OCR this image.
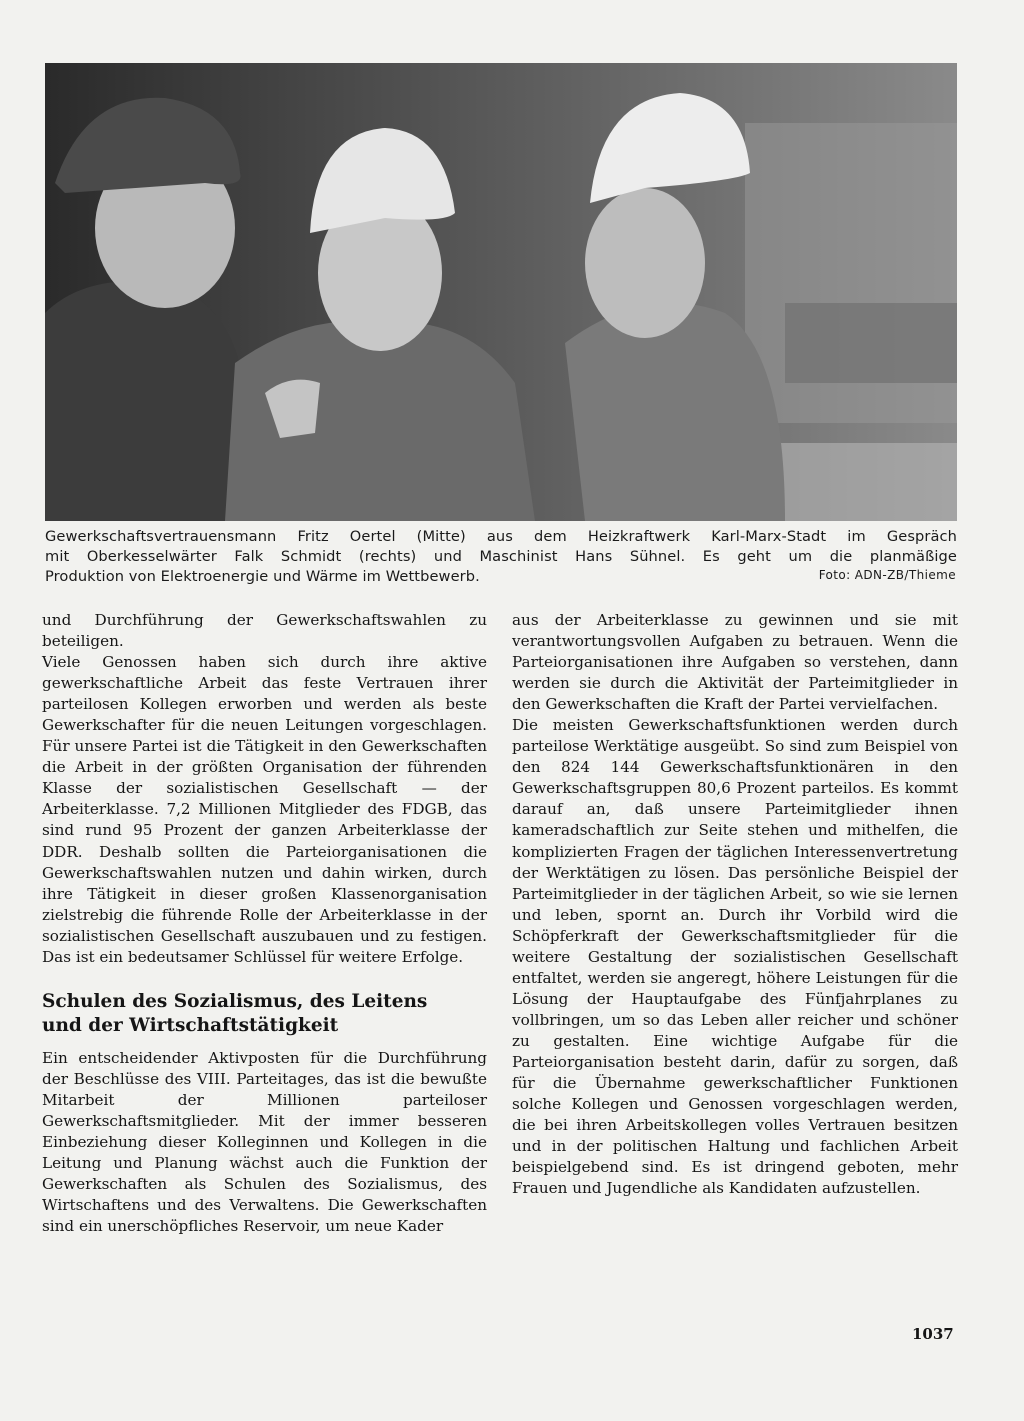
Gewerkschaftsvertrauensmann Fritz Oertel (Mitte) aus dem Heizkraftwerk Karl-Marx-Stadt im Gespräch
mit Oberkesselwärter Falk Schmidt (rechts) und Maschinist Hans Sühnel. Es geht um die planmäßige
Produktion von Elektroenergie und Wärme im Wettbewerb.	Foto: ADN-ZB/Thieme

und Durchführung der Gewerkschaftswahlen zu beteiligen.

Viele Genossen haben sich durch ihre aktive gewerkschaftliche Arbeit das feste Vertrauen ihrer parteilosen Kollegen erworben und werden als beste Gewerkschafter für die neuen Leitungen vorgeschlagen. Für unsere Partei ist die Tätigkeit in den Gewerkschaften die Arbeit in der größten Organisation der führenden Klasse der sozialistischen Gesellschaft — der Arbeiterklasse. 7,2 Millionen Mitglieder des FDGB, das sind rund 95 Prozent der ganzen Arbeiterklasse der DDR. Deshalb sollten die Parteiorganisationen die Gewerkschaftswahlen nutzen und dahin wirken, durch ihre Tätigkeit in dieser großen Klassenorganisation zielstrebig die führende Rolle der Arbeiterklasse in der sozialistischen Gesellschaft auszubauen und zu festigen. Das ist ein bedeutsamer Schlüssel für weitere Erfolge.

Schulen des Sozialismus, des Leitens
und der Wirtschaftstätigkeit

Ein entscheidender Aktivposten für die Durchführung der Beschlüsse des VIII. Parteitages, das ist die bewußte Mitarbeit der Millionen parteiloser Gewerkschaftsmitglieder. Mit der immer besseren Einbeziehung dieser Kolleginnen und Kollegen in die Leitung und Planung wächst auch die Funktion der Gewerkschaften als Schulen des Sozialismus, des Wirtschaftens und des Verwaltens. Die Gewerkschaften sind ein unerschöpfliches Reservoir, um neue Kader

aus der Arbeiterklasse zu gewinnen und sie mit verantwortungsvollen Aufgaben zu betrauen. Wenn die Parteiorganisationen ihre Aufgaben so verstehen, dann werden sie durch die Aktivität der Parteimitglieder in den Gewerkschaften die Kraft der Partei vervielfachen.

Die meisten Gewerkschaftsfunktionen werden durch parteilose Werktätige ausgeübt. So sind zum Beispiel von den 824 144 Gewerkschaftsfunktionären in den Gewerkschaftsgruppen 80,6 Prozent parteilos. Es kommt darauf an, daß unsere Parteimitglieder ihnen kameradschaftlich zur Seite stehen und mithelfen, die komplizierten Fragen der täglichen Interessenvertretung der Werktätigen zu lösen. Das persönliche Beispiel der Parteimitglieder in der täglichen Arbeit, so wie sie lernen und leben, spornt an. Durch ihr Vorbild wird die Schöpferkraft der Gewerkschaftsmitglieder für die weitere Gestaltung der sozialistischen Gesellschaft entfaltet, werden sie angeregt, höhere Leistungen für die Lösung der Hauptaufgabe des Fünfjahrplanes zu vollbringen, um so das Leben aller reicher und schöner zu gestalten. Eine wichtige Aufgabe für die Parteiorganisation besteht darin, dafür zu sorgen, daß für die Übernahme gewerkschaftlicher Funktionen solche Kollegen und Genossen vorgeschlagen werden, die bei ihren Arbeitskollegen volles Vertrauen besitzen und in der politischen Haltung und fachlichen Arbeit beispielgebend sind. Es ist dringend geboten, mehr Frauen und Jugendliche als Kandidaten aufzustellen.

1037
